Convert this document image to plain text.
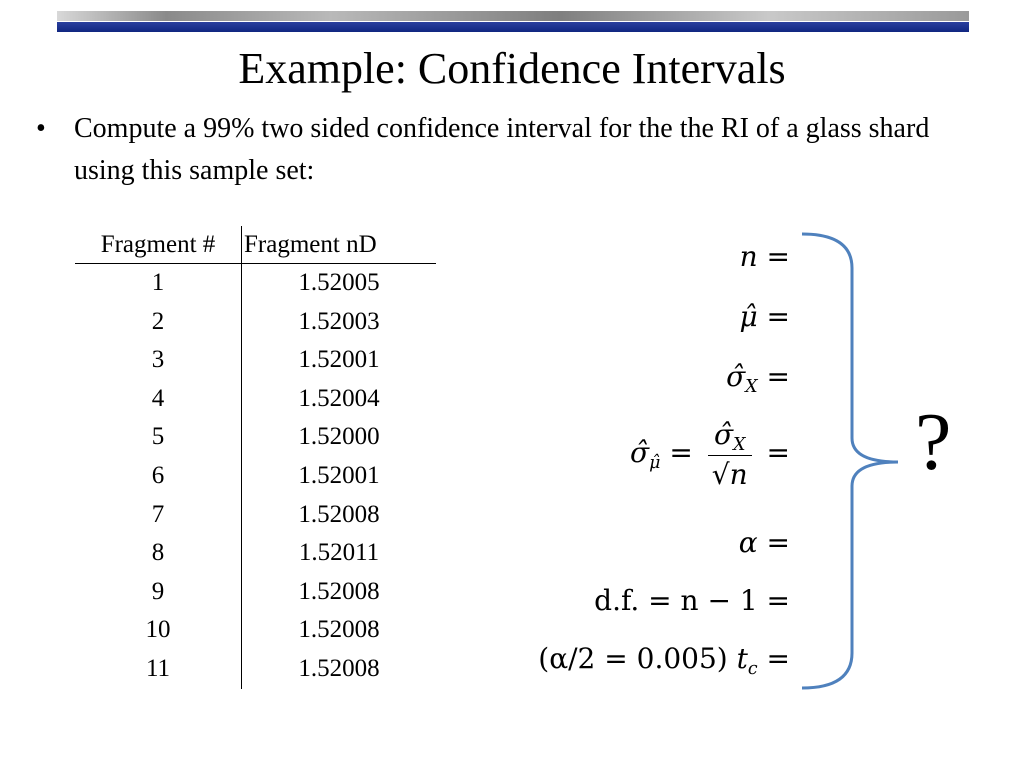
Example: Confidence Intervals
• Compute a 99% two sided confidence interval for the the RI of a glass shard using this sample set:
Fragment #	Fragment nD
1	1.52005
2	1.52003
3	1.52001
4	1.52004
5	1.52000
6	1.52001
7	1.52008
8	1.52011
9	1.52008
10	1.52008
11	1.52008
n =
μ̂ =
$\sigmâ_X$ =
$\sigmâ_{\mû} = \frac{\sigmâ_X}{√n}$ =
α =
d.f. = n − 1 =
(α/2 = 0.005) $t_c$ =
?
